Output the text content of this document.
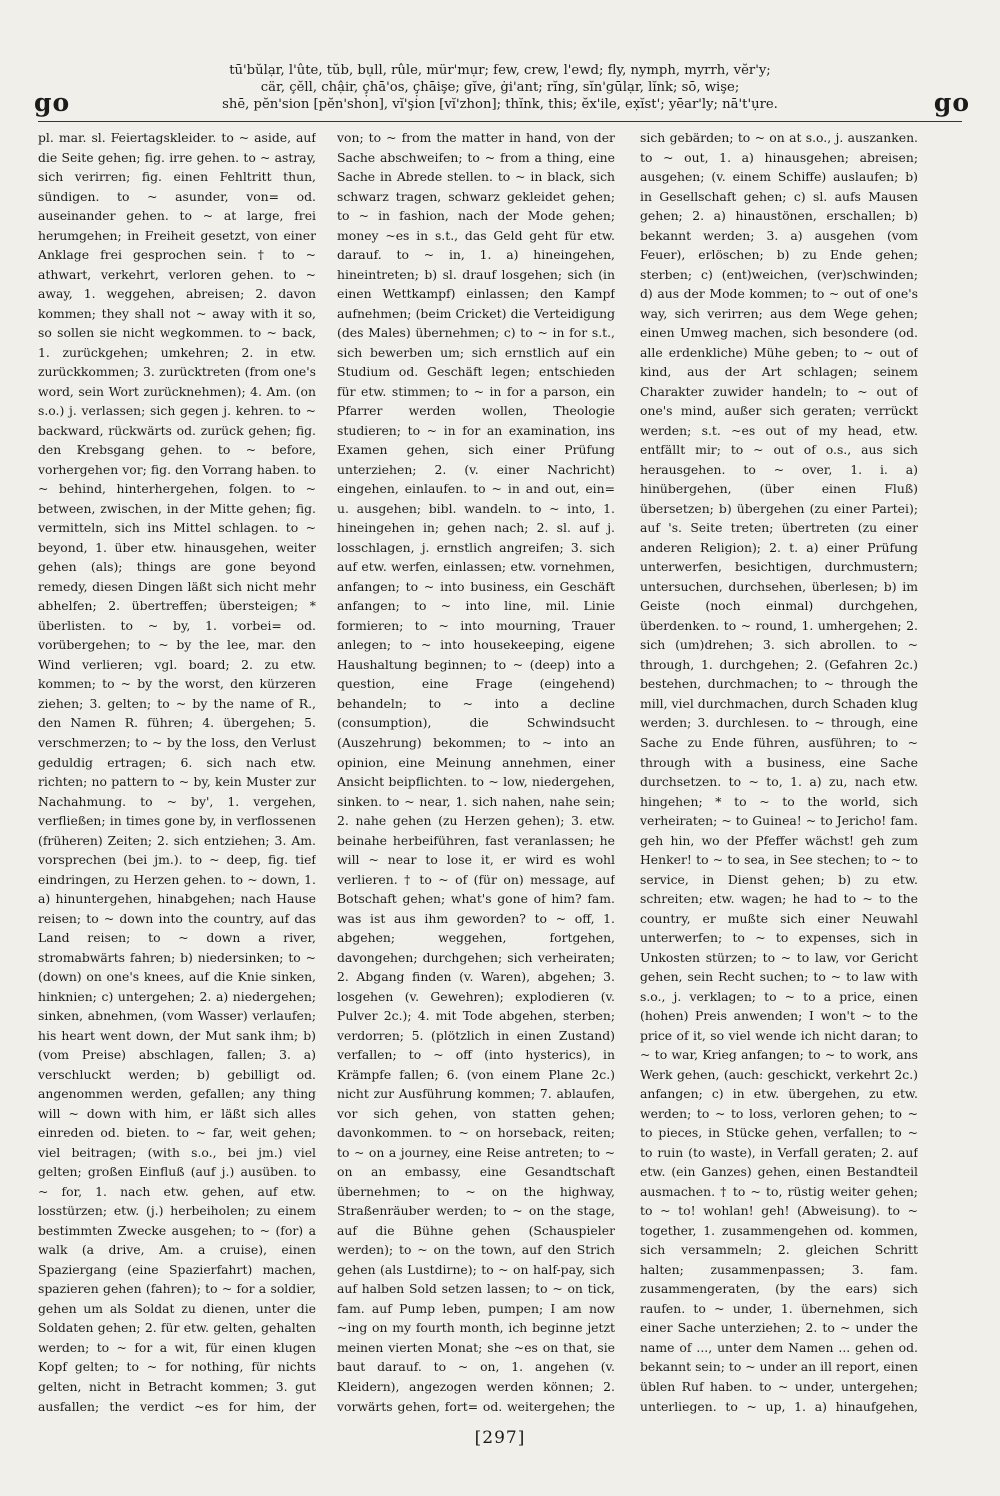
go
tū'bŭlạr, l'ûte, tŭb, bụll, rûle, mür'mụr; few, crew, l'ewd; fly, nymph, myrrh, vĕr'y;
cär, çĕll, chậir, ç̣hā'os, ç̣hāişe; gĭve, ġi'ant; rĭng, sĭn'gūlạr, lĭnk; sō, wişe;
shē, pĕn'sion [pĕn'shon], vĭ'şion [vĭ'zhon]; thĭnk, this; ĕx'ile, ex̣ĭst'; yēar'ly; nā't'ụre.	go
pl. mar. sl. Feiertagskleider. to ~ aside, auf die Seite gehen; fig. irre gehen. to ~ astray, sich verirren; fig. einen Fehltritt thun, sündigen. to ~ asunder, von= od. auseinander gehen. to ~ at large, frei herumgehen; in Freiheit gesetzt, von einer Anklage frei gesprochen sein. † to ~ athwart, verkehrt, verloren gehen. to ~ away, 1. weggehen, abreisen; 2. davon kommen; they shall not ~ away with it so, so sollen sie nicht wegkommen. to ~ back, 1. zurückgehen; umkehren; 2. in etw. zurückkommen; 3. zurücktreten (from one's word, sein Wort zurücknehmen); 4. Am. (on s.o.) j. verlassen; sich gegen j. kehren. to ~ backward, rückwärts od. zurück gehen; fig. den Krebsgang gehen. to ~ before, vorhergehen vor; fig. den Vorrang haben. to ~ behind, hinterhergehen, folgen. to ~ between, zwischen, in der Mitte gehen; fig. vermitteln, sich ins Mittel schlagen. to ~ beyond, 1. über etw. hinausgehen, weiter gehen (als); things are gone beyond remedy, diesen Dingen läßt sich nicht mehr abhelfen; 2. übertreffen; übersteigen; * überlisten. to ~ by, 1. vorbei= od. vorübergehen; to ~ by the lee, mar. den Wind verlieren; vgl. board; 2. zu etw. kommen; to ~ by the worst, den kürzeren ziehen; 3. gelten; to ~ by the name of R., den Namen R. führen; 4. übergehen; 5. verschmerzen; to ~ by the loss, den Verlust geduldig ertragen; 6. sich nach etw. richten; no pattern to ~ by, kein Muster zur Nachahmung. to ~ by', 1. vergehen, verfließen; in times gone by, in verflossenen (früheren) Zeiten; 2. sich entziehen; 3. Am. vorsprechen (bei jm.). to ~ deep, fig. tief eindringen, zu Herzen gehen. to ~ down, 1. a) hinuntergehen, hinabgehen; nach Hause reisen; to ~ down into the country, auf das Land reisen; to ~ down a river, stromabwärts fahren; b) niedersinken; to ~ (down) on one's knees, auf die Knie sinken, hinknien; c) untergehen; 2. a) niedergehen; sinken, abnehmen, (vom Wasser) verlaufen; his heart went down, der Mut sank ihm; b) (vom Preise) abschlagen, fallen; 3. a) verschluckt werden; b) gebilligt od. angenommen werden, gefallen; any thing will ~ down with him, er läßt sich alles einreden od. bieten. to ~ far, weit gehen; viel beitragen; (with s.o., bei jm.) viel gelten; großen Einfluß (auf j.) ausüben. to ~ for, 1. nach etw. gehen, auf etw. losstürzen; etw. (j.) herbeiholen; zu einem bestimmten Zwecke ausgehen; to ~ (for) a walk (a drive, Am. a cruise), einen Spaziergang (eine Spazierfahrt) machen, spazieren gehen (fahren); to ~ for a soldier, gehen um als Soldat zu dienen, unter die Soldaten gehen; 2. für etw. gelten, gehalten werden; to ~ for a wit, für einen klugen Kopf gelten; to ~ for nothing, für nichts gelten, nicht in Betracht kommen; 3. gut ausfallen; the verdict ~es for him, der
von; to ~ from the matter in hand, von der Sache abschweifen; to ~ from a thing, eine Sache in Abrede stellen. to ~ in black, sich schwarz tragen, schwarz gekleidet gehen; to ~ in fashion, nach der Mode gehen; money ~es in s.t., das Geld geht für etw. darauf. to ~ in, 1. a) hineingehen, hineintreten; b) sl. drauf losgehen; sich (in einen Wettkampf) einlassen; den Kampf aufnehmen; (beim Cricket) die Verteidigung (des Males) übernehmen; c) to ~ in for s.t., sich bewerben um; sich ernstlich auf ein Studium od. Geschäft legen; entschieden für etw. stimmen; to ~ in for a parson, ein Pfarrer werden wollen, Theologie studieren; to ~ in for an examination, ins Examen gehen, sich einer Prüfung unterziehen; 2. (v. einer Nachricht) eingehen, einlaufen. to ~ in and out, ein= u. ausgehen; bibl. wandeln. to ~ into, 1. hineingehen in; gehen nach; 2. sl. auf j. losschlagen, j. ernstlich angreifen; 3. sich auf etw. werfen, einlassen; etw. vornehmen, anfangen; to ~ into business, ein Geschäft anfangen; to ~ into line, mil. Linie formieren; to ~ into mourning, Trauer anlegen; to ~ into housekeeping, eigene Haushaltung beginnen; to ~ (deep) into a question, eine Frage (eingehend) behandeln; to ~ into a decline (consumption), die Schwindsucht (Auszehrung) bekommen; to ~ into an opinion, eine Meinung annehmen, einer Ansicht beipflichten. to ~ low, niedergehen, sinken. to ~ near, 1. sich nahen, nahe sein; 2. nahe gehen (zu Herzen gehen); 3. etw. beinahe herbeiführen, fast veranlassen; he will ~ near to lose it, er wird es wohl verlieren. † to ~ of (für on) message, auf Botschaft gehen; what's gone of him? fam. was ist aus ihm geworden? to ~ off, 1. abgehen; weggehen, fortgehen, davongehen; durchgehen; sich verheiraten; 2. Abgang finden (v. Waren), abgehen; 3. losgehen (v. Gewehren); explodieren (v. Pulver 2c.); 4. mit Tode abgehen, sterben; verdorren; 5. (plötzlich in einen Zustand) verfallen; to ~ off (into hysterics), in Krämpfe fallen; 6. (von einem Plane 2c.) nicht zur Ausführung kommen; 7. ablaufen, vor sich gehen, von statten gehen; davonkommen. to ~ on horseback, reiten; to ~ on a journey, eine Reise antreten; to ~ on an embassy, eine Gesandtschaft übernehmen; to ~ on the highway, Straßenräuber werden; to ~ on the stage, auf die Bühne gehen (Schauspieler werden); to ~ on the town, auf den Strich gehen (als Lustdirne); to ~ on half-pay, sich auf halben Sold setzen lassen; to ~ on tick, fam. auf Pump leben, pumpen; I am now ~ing on my fourth month, ich beginne jetzt meinen vierten Monat; she ~es on that, sie baut darauf. to ~ on, 1. angehen (v. Kleidern), angezogen werden können; 2. vorwärts gehen, fort= od. weitergehen; the
sich gebärden; to ~ on at s.o., j. auszanken. to ~ out, 1. a) hinausgehen; abreisen; ausgehen; (v. einem Schiffe) auslaufen; b) in Gesellschaft gehen; c) sl. aufs Mausen gehen; 2. a) hinaustönen, erschallen; b) bekannt werden; 3. a) ausgehen (vom Feuer), erlöschen; b) zu Ende gehen; sterben; c) (ent)weichen, (ver)schwinden; d) aus der Mode kommen; to ~ out of one's way, sich verirren; aus dem Wege gehen; einen Umweg machen, sich besondere (od. alle erdenkliche) Mühe geben; to ~ out of kind, aus der Art schlagen; seinem Charakter zuwider handeln; to ~ out of one's mind, außer sich geraten; verrückt werden; s.t. ~es out of my head, etw. entfällt mir; to ~ out of o.s., aus sich herausgehen. to ~ over, 1. i. a) hinübergehen, (über einen Fluß) übersetzen; b) übergehen (zu einer Partei); auf 's. Seite treten; übertreten (zu einer anderen Religion); 2. t. a) einer Prüfung unterwerfen, besichtigen, durchmustern; untersuchen, durchsehen, überlesen; b) im Geiste (noch einmal) durchgehen, überdenken. to ~ round, 1. umhergehen; 2. sich (um)drehen; 3. sich abrollen. to ~ through, 1. durchgehen; 2. (Gefahren 2c.) bestehen, durchmachen; to ~ through the mill, viel durchmachen, durch Schaden klug werden; 3. durchlesen. to ~ through, eine Sache zu Ende führen, ausführen; to ~ through with a business, eine Sache durchsetzen. to ~ to, 1. a) zu, nach etw. hingehen; * to ~ to the world, sich verheiraten; ~ to Guinea! ~ to Jericho! fam. geh hin, wo der Pfeffer wächst! geh zum Henker! to ~ to sea, in See stechen; to ~ to service, in Dienst gehen; b) zu etw. schreiten; etw. wagen; he had to ~ to the country, er mußte sich einer Neuwahl unterwerfen; to ~ to expenses, sich in Unkosten stürzen; to ~ to law, vor Gericht gehen, sein Recht suchen; to ~ to law with s.o., j. verklagen; to ~ to a price, einen (hohen) Preis anwenden; I won't ~ to the price of it, so viel wende ich nicht daran; to ~ to war, Krieg anfangen; to ~ to work, ans Werk gehen, (auch: geschickt, verkehrt 2c.) anfangen; c) in etw. übergehen, zu etw. werden; to ~ to loss, verloren gehen; to ~ to pieces, in Stücke gehen, verfallen; to ~ to ruin (to waste), in Verfall geraten; 2. auf etw. (ein Ganzes) gehen, einen Bestandteil ausmachen. † to ~ to, rüstig weiter gehen; to ~ to! wohlan! geh! (Abweisung). to ~ together, 1. zusammengehen od. kommen, sich versammeln; 2. gleichen Schritt halten; zusammenpassen; 3. fam. zusammengeraten, (by the ears) sich raufen. to ~ under, 1. übernehmen, sich einer Sache unterziehen; 2. to ~ under the name of ..., unter dem Namen ... gehen od. bekannt sein; to ~ under an ill report, einen üblen Ruf haben. to ~ under, untergehen; unterliegen. to ~ up, 1. a) hinaufgehen,
[297]
